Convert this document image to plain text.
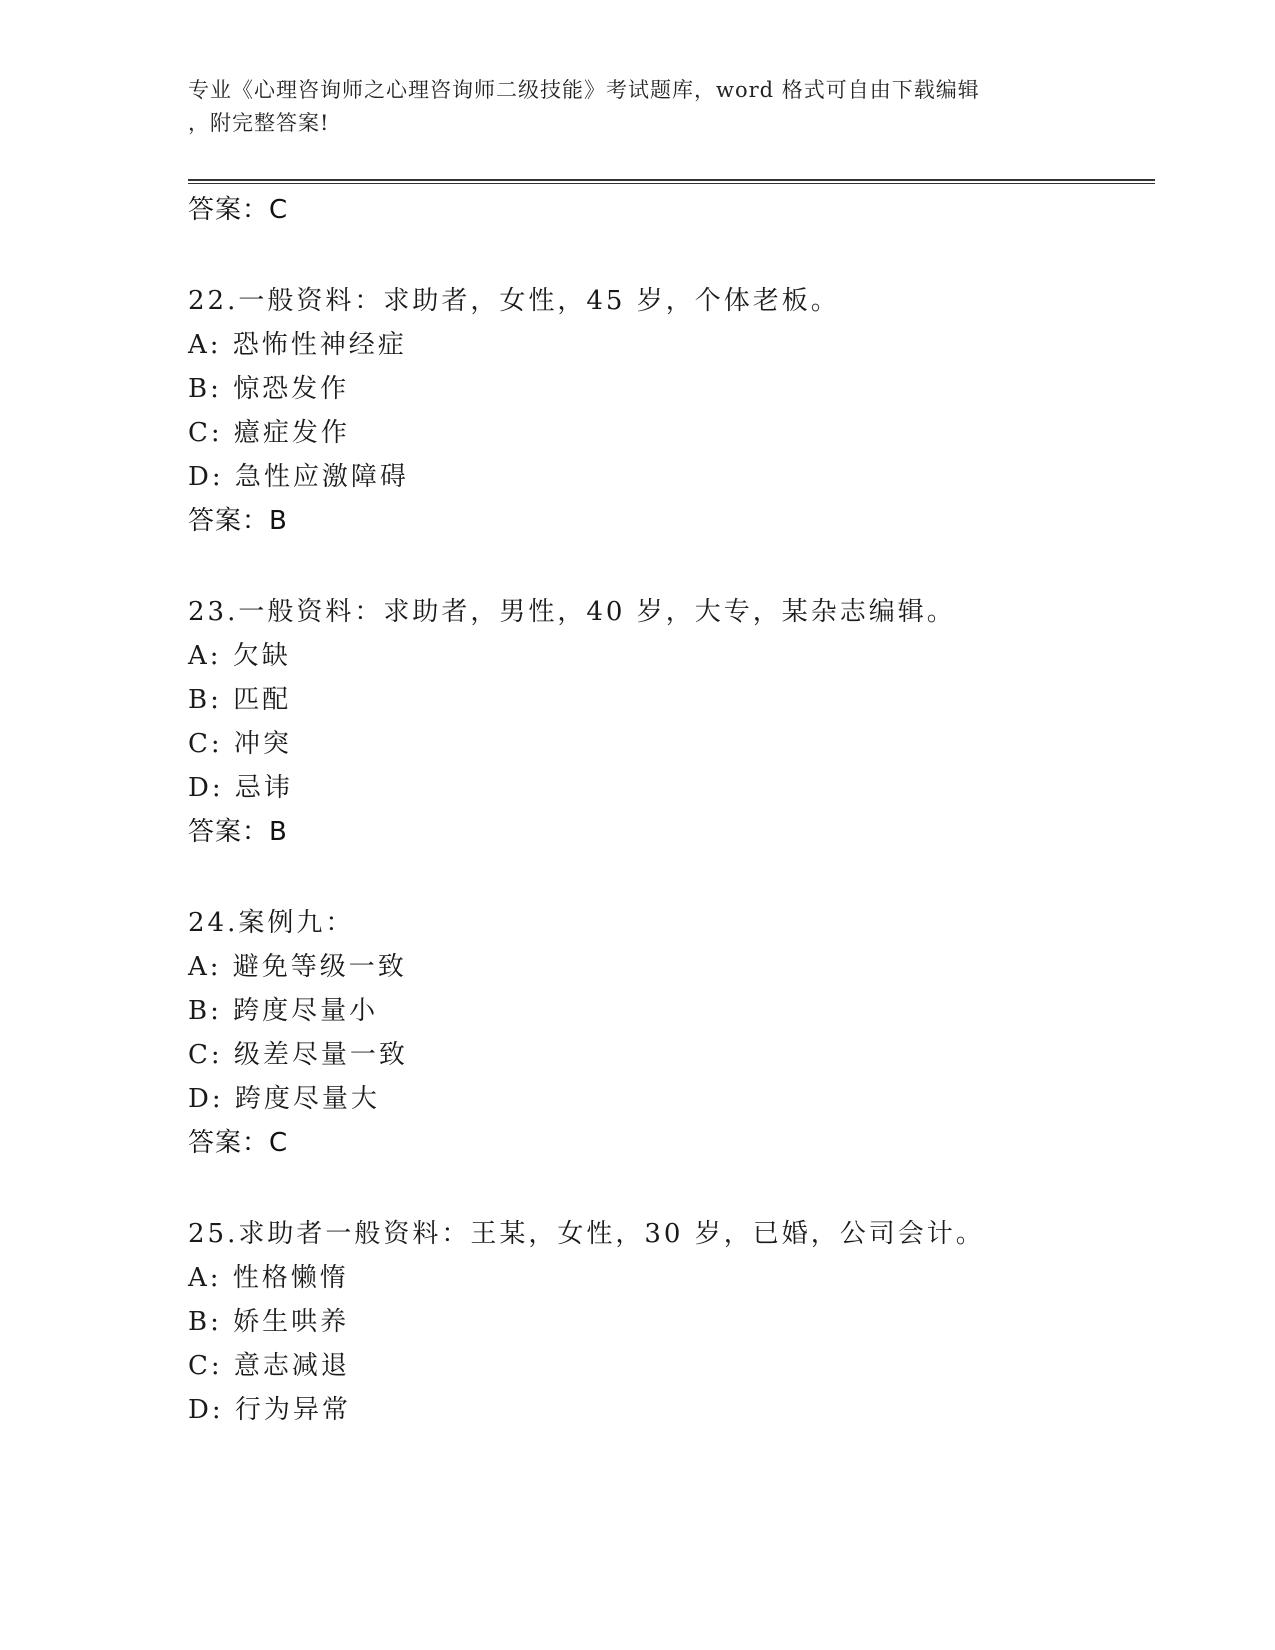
专业《心理咨询师之心理咨询师二级技能》考试题库，word 格式可自由下载编辑
，附完整答案!
答案：C
22.一般资料：求助者，女性，45 岁，个体老板。
A: 恐怖性神经症
B: 惊恐发作
C: 癔症发作
D: 急性应激障碍
答案：B
23.一般资料：求助者，男性，40 岁，大专，某杂志编辑。
A: 欠缺
B: 匹配
C: 冲突
D: 忌讳
答案：B
24.案例九：
A: 避免等级一致
B: 跨度尽量小
C: 级差尽量一致
D: 跨度尽量大
答案：C
25.求助者一般资料：王某，女性，30 岁，已婚，公司会计。
A: 性格懒惰
B: 娇生哄养
C: 意志减退
D: 行为异常
